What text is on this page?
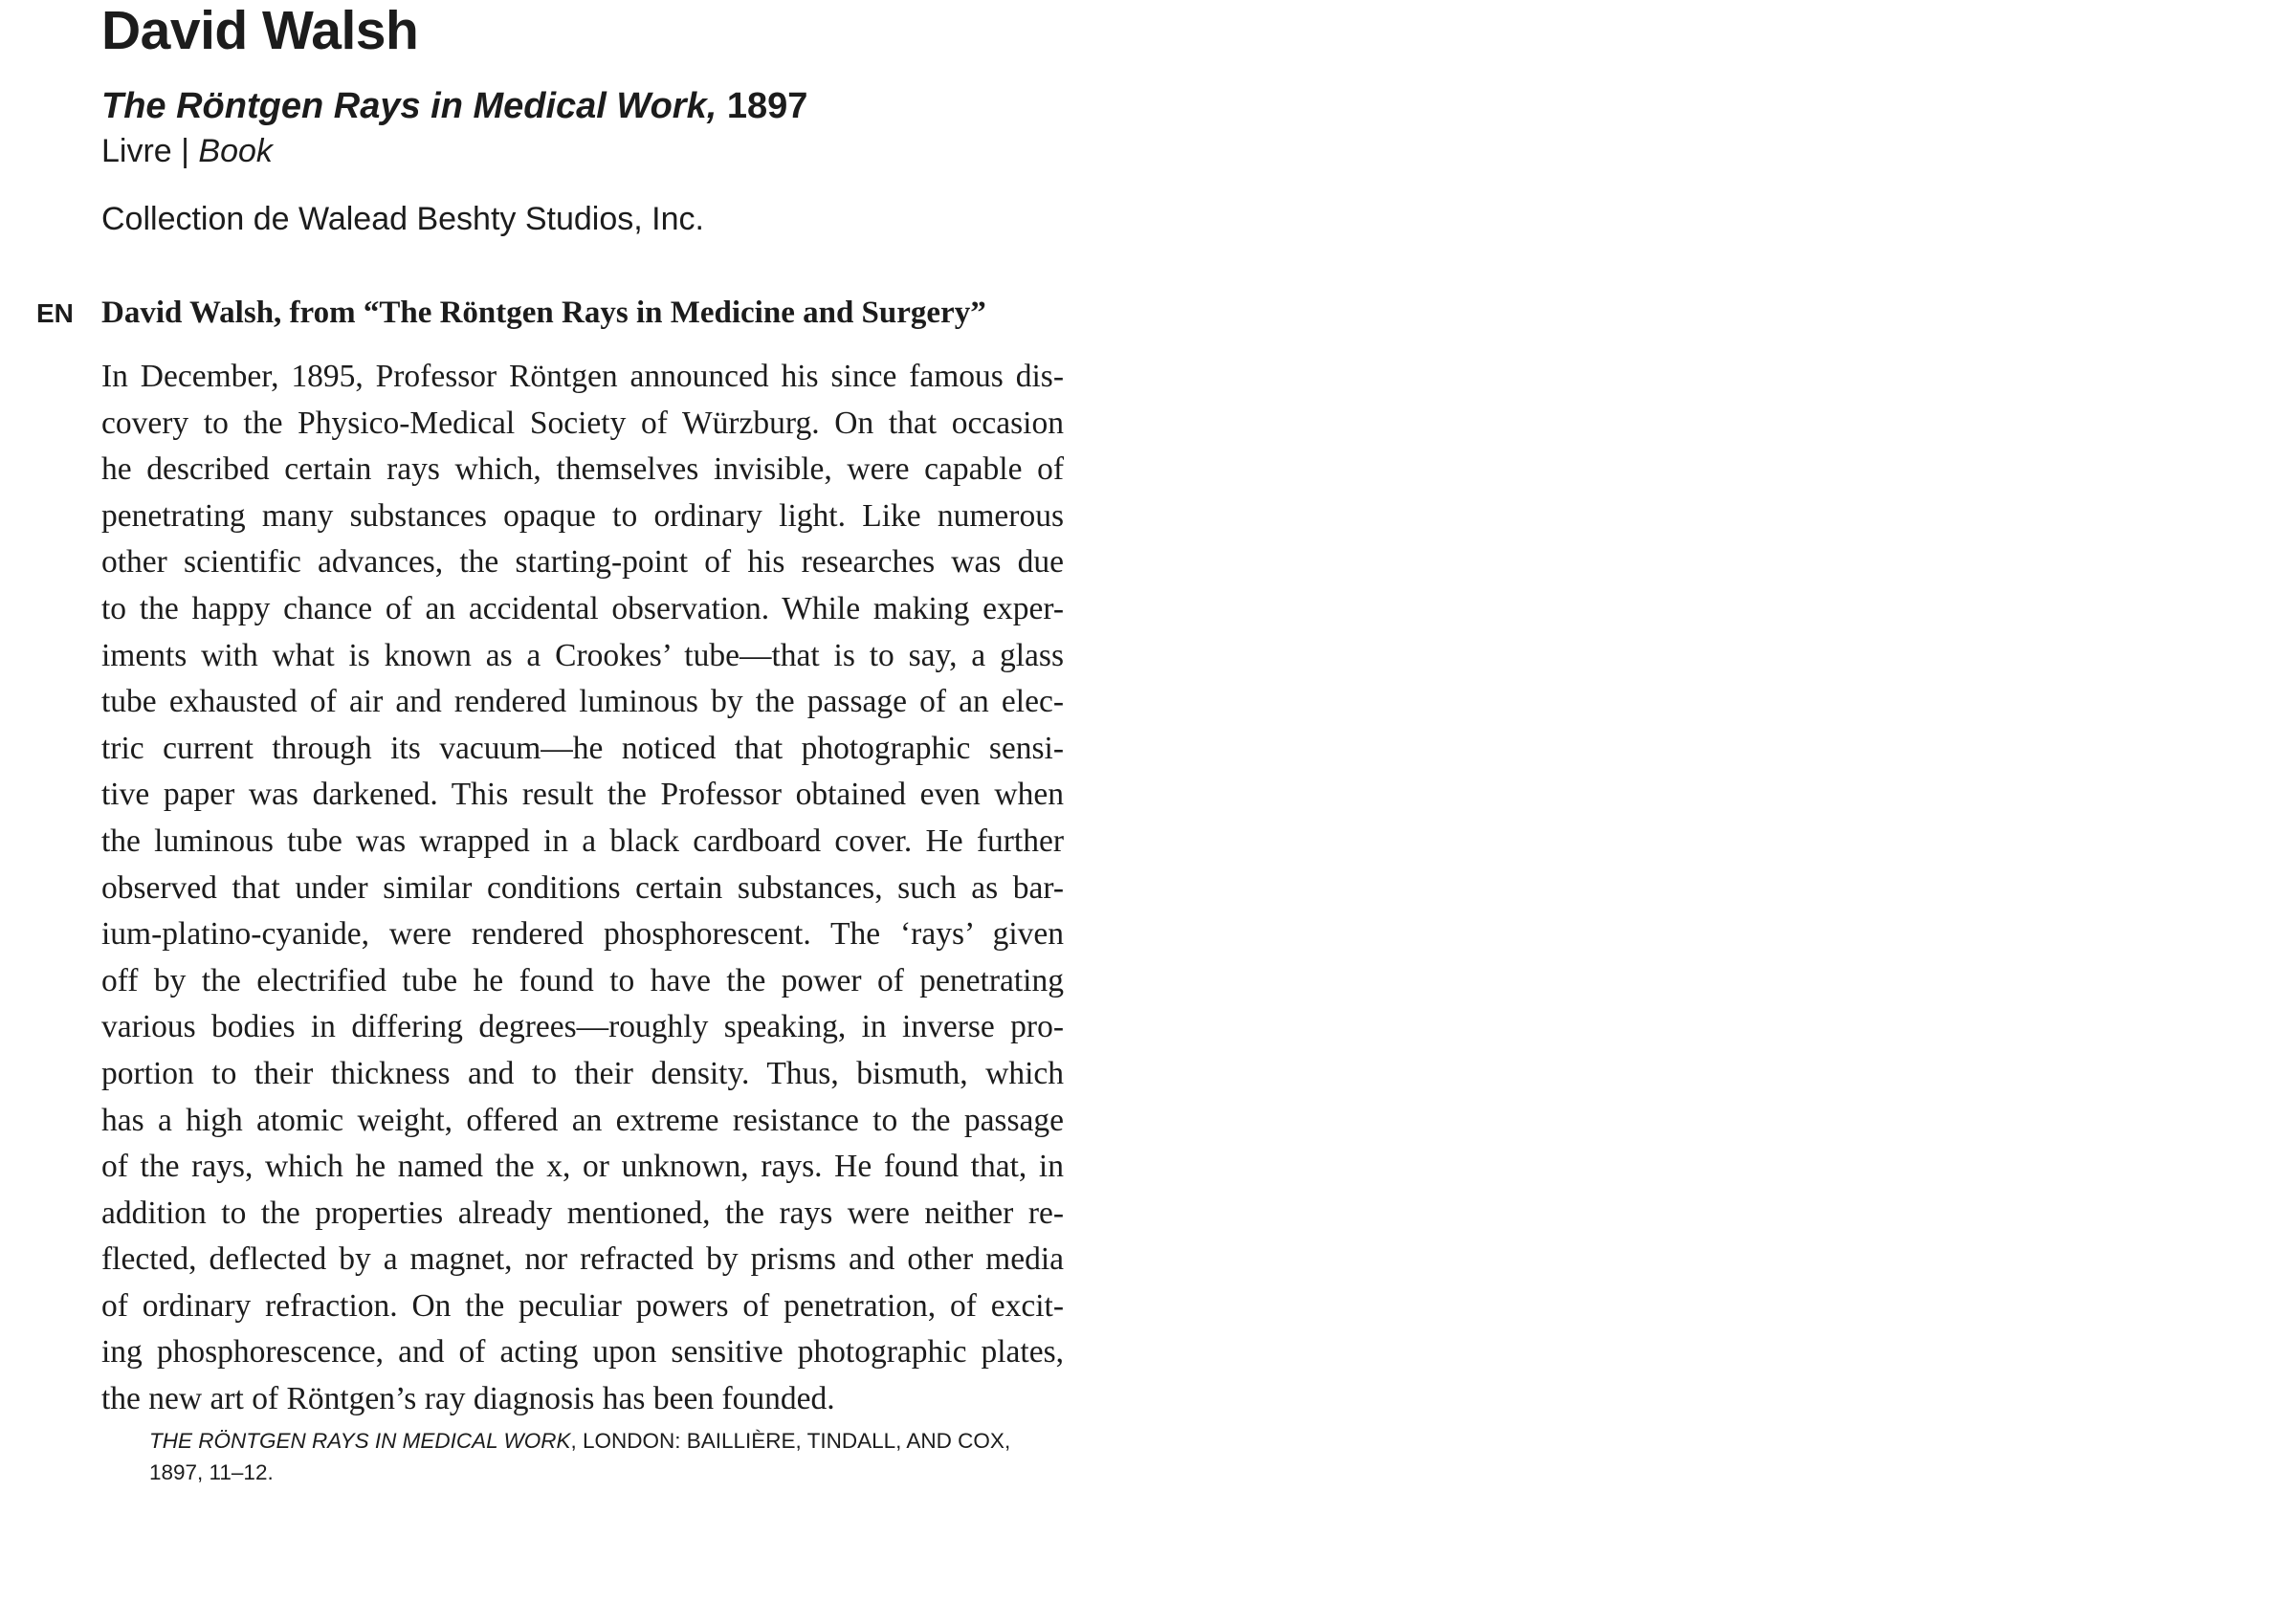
David Walsh

The Röntgen Rays in Medical Work, 1897

Livre | Book

Collection de Walead Beshty Studios, Inc.

EN David Walsh, from “The Röntgen Rays in Medicine and Surgery”
In December, 1895, Professor Röntgen announced his since famous dis-
covery to the Physico-Medical Society of Würzburg. On that occasion
he described certain rays which, themselves invisible, were capable of
penetrating many substances opaque to ordinary light. Like numerous
other scientific advances, the starting-point of his researches was due
to the happy chance of an accidental observation. While making exper-
iments with what is known as a Crookes’ tube—that is to say, a glass
tube exhausted of air and rendered luminous by the passage of an elec-
tric current through its vacuum—he noticed that photographic sensi-
tive paper was darkened. This result the Professor obtained even when
the luminous tube was wrapped in a black cardboard cover. He further
observed that under similar conditions certain substances, such as bar-
ium-platino-cyanide, were rendered phosphorescent. The ‘rays’ given
off by the electrified tube he found to have the power of penetrating
various bodies in differing degrees—roughly speaking, in inverse pro-
portion to their thickness and to their density. Thus, bismuth, which
has a high atomic weight, offered an extreme resistance to the passage
of the rays, which he named the x, or unknown, rays. He found that, in
addition to the properties already mentioned, the rays were neither re-
flected, deflected by a magnet, nor refracted by prisms and other media
of ordinary refraction. On the peculiar powers of penetration, of excit-
ing phosphorescence, and of acting upon sensitive photographic plates,
the new art of Röntgen’s ray diagnosis has been founded.

THE RÖNTGEN RAYS IN MEDICAL WORK, LONDON: BAILLIÈRE, TINDALL, AND COX, 1897, 11–12.
